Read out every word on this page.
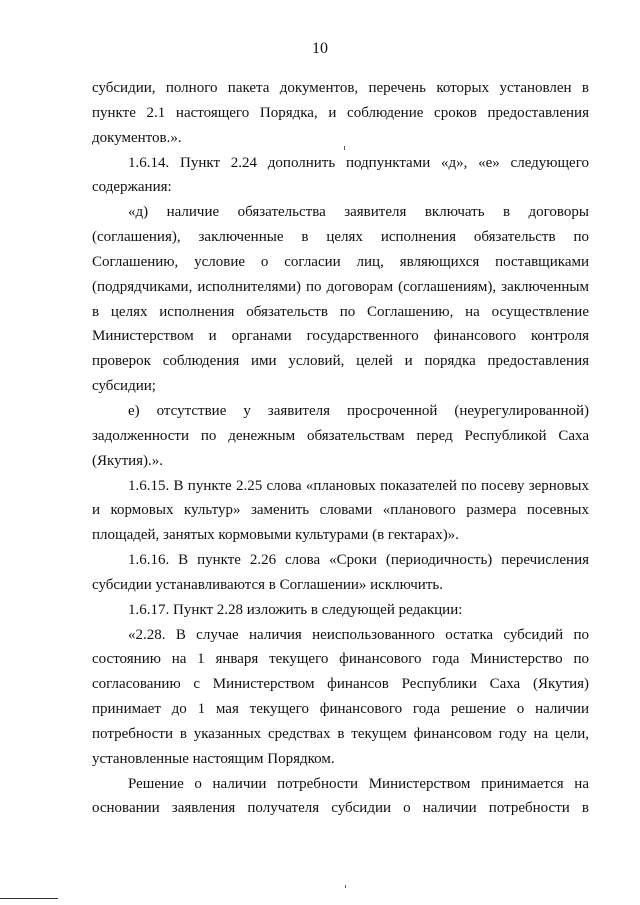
10
субсидии, полного пакета документов, перечень которых установлен в
пункте 2.1 настоящего Порядка, и соблюдение сроков предоставления
документов.».
1.6.14. Пункт 2.24 дополнить подпунктами «д», «е» следующего
содержания:
«д) наличие обязательства заявителя включать в договоры
(соглашения), заключенные в целях исполнения обязательств по
Соглашению, условие о согласии лиц, являющихся поставщиками
(подрядчиками, исполнителями) по договорам (соглашениям), заключенным
в целях исполнения обязательств по Соглашению, на осуществление
Министерством и органами государственного финансового контроля
проверок соблюдения ими условий, целей и порядка предоставления
субсидии;
е) отсутствие у заявителя просроченной (неурегулированной)
задолженности по денежным обязательствам перед Республикой Саха
(Якутия).».
1.6.15. В пункте 2.25 слова «плановых показателей по посеву зерновых
и кормовых культур» заменить словами «планового размера посевных
площадей, занятых кормовыми культурами (в гектарах)».
1.6.16. В пункте 2.26 слова «Сроки (периодичность) перечисления
субсидии устанавливаются в Соглашении» исключить.
1.6.17. Пункт 2.28 изложить в следующей редакции:
«2.28. В случае наличия неиспользованного остатка субсидий по
состоянию на 1 января текущего финансового года Министерство по
согласованию с Министерством финансов Республики Саха (Якутия)
принимает до 1 мая текущего финансового года решение о наличии
потребности в указанных средствах в текущем финансовом году на цели,
установленные настоящим Порядком.
Решение о наличии потребности Министерством принимается на
основании заявления получателя субсидии о наличии потребности в
